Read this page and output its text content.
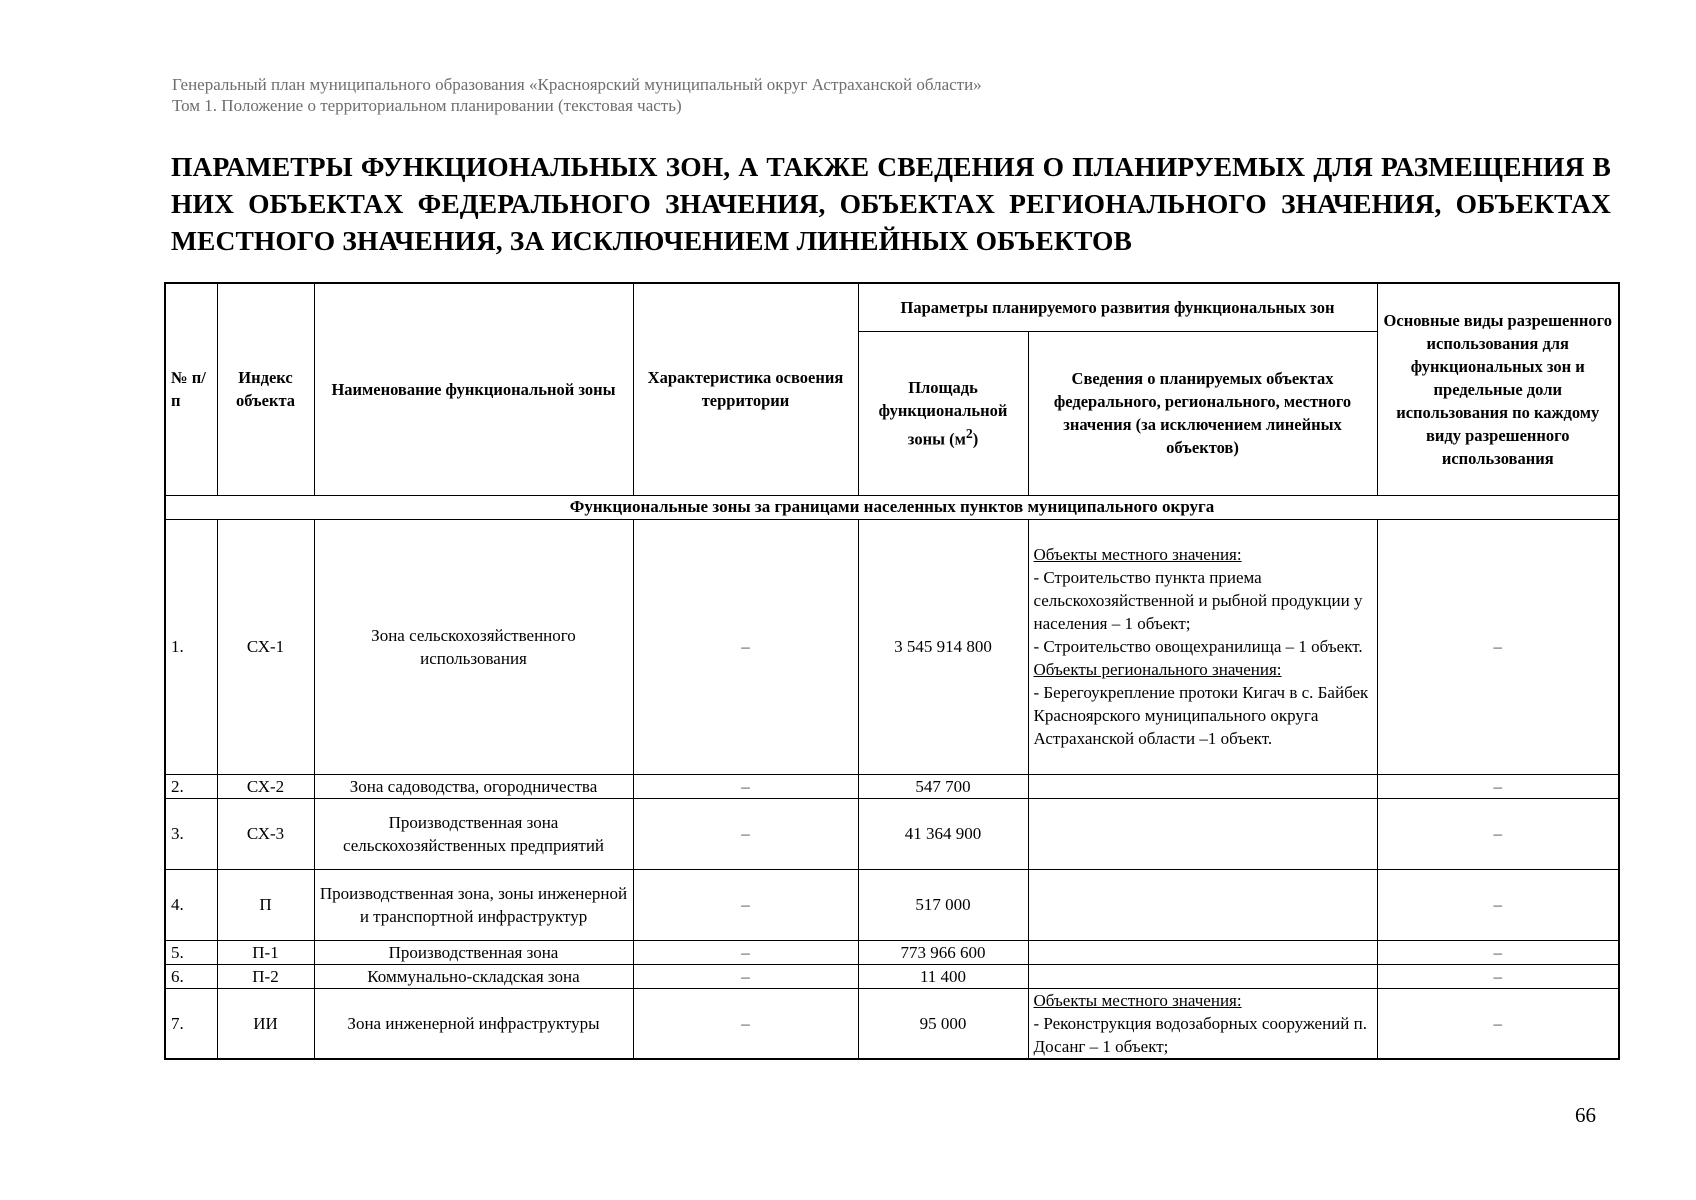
Генеральный план муниципального образования «Красноярский муниципальный округ Астраханской области»
Том 1. Положение о территориальном планировании (текстовая часть)
ПАРАМЕТРЫ ФУНКЦИОНАЛЬНЫХ ЗОН, А ТАКЖЕ СВЕДЕНИЯ О ПЛАНИРУЕМЫХ ДЛЯ РАЗМЕЩЕНИЯ В НИХ ОБЪЕКТАХ ФЕДЕРАЛЬНОГО ЗНАЧЕНИЯ, ОБЪЕКТАХ РЕГИОНАЛЬНОГО ЗНАЧЕНИЯ, ОБЪЕКТАХ МЕСТНОГО ЗНАЧЕНИЯ, ЗА ИСКЛЮЧЕНИЕМ ЛИНЕЙНЫХ ОБЪЕКТОВ
№ п/п	Индекс объекта	Наименование функциональной зоны	Характеристика освоения территории	Параметры планируемого развития функциональных зон		Основные виды разрешенного использования для функциональных зон и предельные доли использования по каждому виду разрешенного использования
				Площадь функциональной зоны $(м^2)$	Сведения о планируемых объектах федерального, регионального, местного значения (за исключением линейных объектов)	
Функциональные зоны за границами населенных пунктов муниципального округа						
1.	СХ-1	Зона сельскохозяйственного использования	–	3 545 914 800	Объекты местного значения:
- Строительство пункта приема сельскохозяйственной и рыбной продукции у населения – 1 объект;
- Строительство овощехранилища – 1 объект.
Объекты регионального значения:
- Берегоукрепление протоки Кигач в с. Байбек Красноярского муниципального округа Астраханской области –1 объект.	–
2.	СХ-2	Зона садоводства, огородничества	–	547 700		–
3.	СХ-3	Производственная зона сельскохозяйственных предприятий	–	41 364 900		–
4.	П	Производственная зона, зоны инженерной и транспортной инфраструктур	–	517 000		–
5.	П-1	Производственная зона	–	773 966 600		–
6.	П-2	Коммунально-складская зона	–	11 400		–
7.	ИИ	Зона инженерной инфраструктуры	–	95 000	Объекты местного значения:
- Реконструкция водозаборных сооружений п. Досанг – 1 объект;	–
66
